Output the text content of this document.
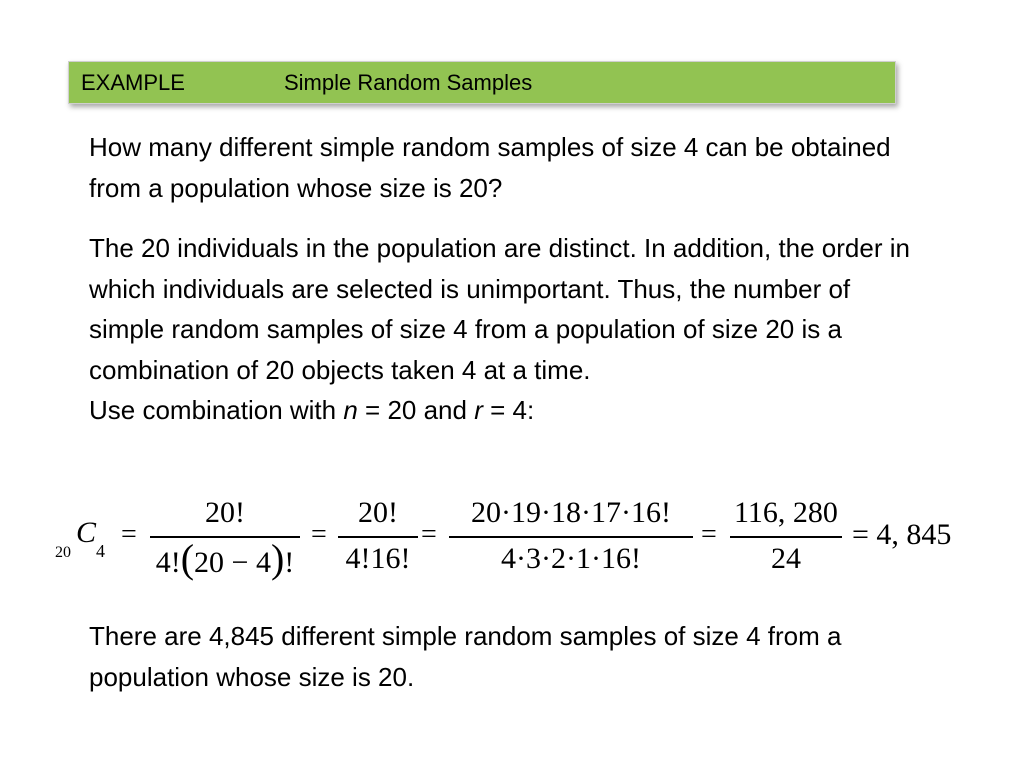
EXAMPLE	Simple Random Samples

How many different simple random samples of size 4 can be obtained from a population whose size is 20?

The 20 individuals in the population are distinct. In addition, the order in which individuals are selected is unimportant. Thus, the number of simple random samples of size 4 from a population of size 20 is a combination of 20 objects taken 4 at a time.
Use combination with n = 20 and r = 4:
20
C
4
=
20!
4!(20 − 4)!
=
20!
4!16!
=
20·19·18·17·16!
4·3·2·1·16!
=
116, 280
24
= 4, 845

There are 4,845 different simple random samples of size 4 from a population whose size is 20.
